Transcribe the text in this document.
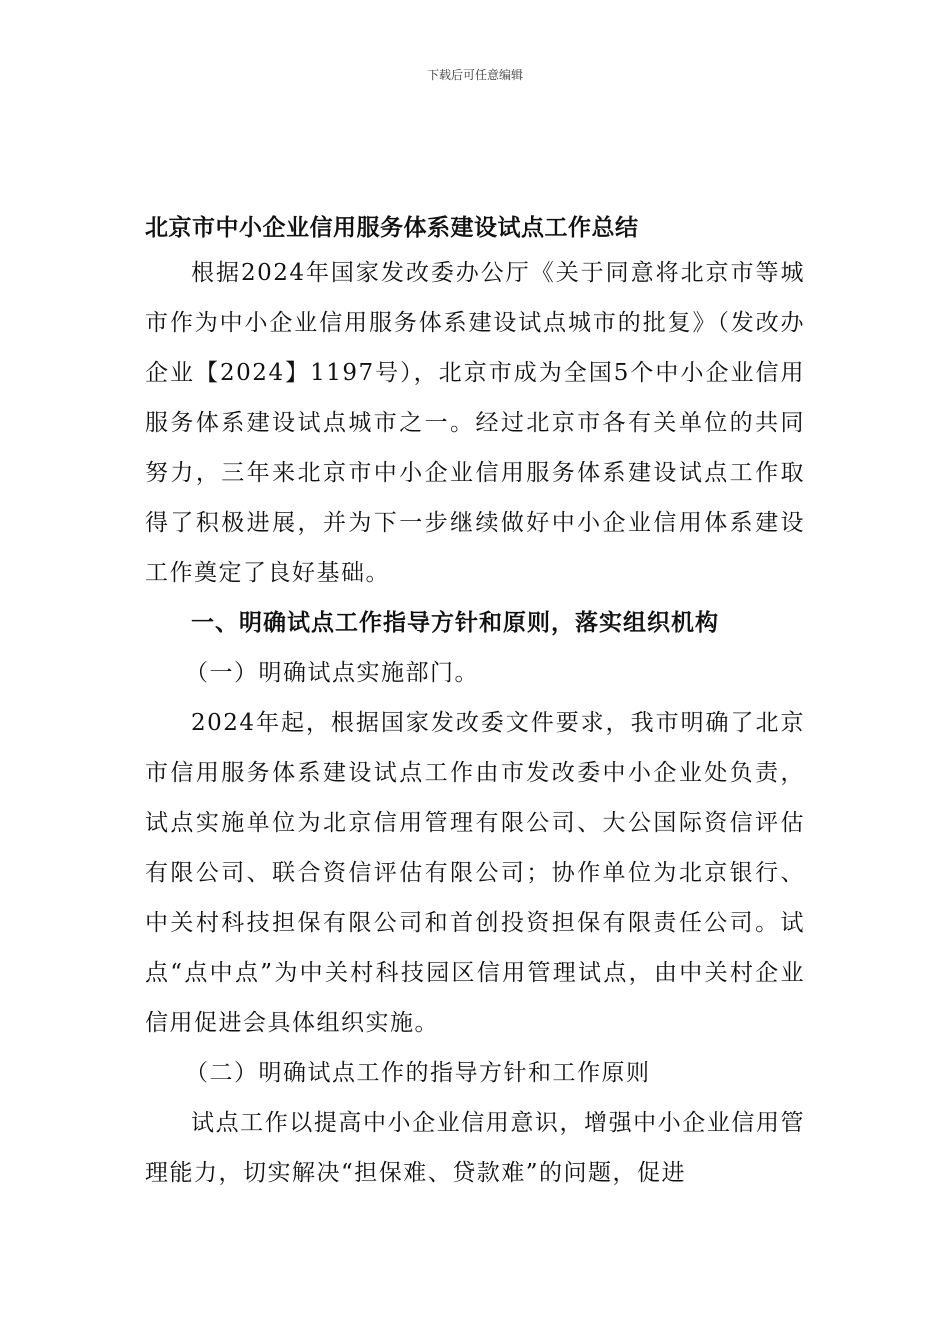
下载后可任意编辑
北京市中小企业信用服务体系建设试点工作总结

根据2024年国家发改委办公厅《关于同意将北京市等城市作为中小企业信用服务体系建设试点城市的批复》（发改办企业【2024】1197号），北京市成为全国5个中小企业信用服务体系建设试点城市之一。经过北京市各有关单位的共同努力，三年来北京市中小企业信用服务体系建设试点工作取得了积极进展，并为下一步继续做好中小企业信用体系建设工作奠定了良好基础。

一、明确试点工作指导方针和原则，落实组织机构

（一）明确试点实施部门。

2024年起，根据国家发改委文件要求，我市明确了北京市信用服务体系建设试点工作由市发改委中小企业处负责，试点实施单位为北京信用管理有限公司、大公国际资信评估有限公司、联合资信评估有限公司；协作单位为北京银行、中关村科技担保有限公司和首创投资担保有限责任公司。试点“点中点”为中关村科技园区信用管理试点，由中关村企业信用促进会具体组织实施。

（二）明确试点工作的指导方针和工作原则

试点工作以提高中小企业信用意识，增强中小企业信用管理能力，切实解决“担保难、贷款难”的问题，促进
